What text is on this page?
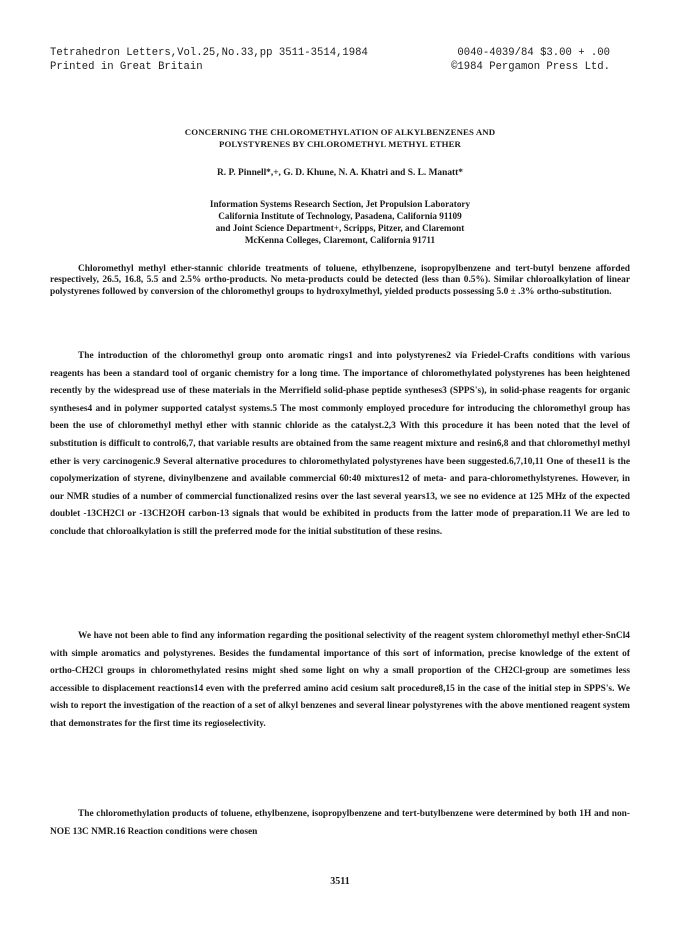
Tetrahedron Letters,Vol.25,No.33,pp 3511-3514,1984	0040-4039/84 $3.00 + .00
Printed in Great Britain	©1984 Pergamon Press Ltd.
CONCERNING THE CHLOROMETHYLATION OF ALKYLBENZENES AND
POLYSTYRENES BY CHLOROMETHYL METHYL ETHER
R. P. Pinnell*,+, G. D. Khune, N. A. Khatri and S. L. Manatt*
Information Systems Research Section, Jet Propulsion Laboratory
California Institute of Technology, Pasadena, California 91109
and Joint Science Department+, Scripps, Pitzer, and Claremont
McKenna Colleges, Claremont, California 91711

Chloromethyl methyl ether-stannic chloride treatments of toluene, ethylbenzene, isopropylbenzene and tert-butyl benzene afforded respectively, 26.5, 16.8, 5.5 and 2.5% ortho-products. No meta-products could be detected (less than 0.5%). Similar chloroalkylation of linear polystyrenes followed by conversion of the chloromethyl groups to hydroxylmethyl, yielded products possessing 5.0 ± .3% ortho-substitution.

The introduction of the chloromethyl group onto aromatic rings1 and into polystyrenes2 via Friedel-Crafts conditions with various reagents has been a standard tool of organic chemistry for a long time. The importance of chloromethylated polystyrenes has been heightened recently by the widespread use of these materials in the Merrifield solid-phase peptide syntheses3 (SPPS's), in solid-phase reagents for organic syntheses4 and in polymer supported catalyst systems.5 The most commonly employed procedure for introducing the chloromethyl group has been the use of chloromethyl methyl ether with stannic chloride as the catalyst.2,3 With this procedure it has been noted that the level of substitution is difficult to control6,7, that variable results are obtained from the same reagent mixture and resin6,8 and that chloromethyl methyl ether is very carcinogenic.9 Several alternative procedures to chloromethylated polystyrenes have been suggested.6,7,10,11 One of these11 is the copolymerization of styrene, divinylbenzene and available commercial 60:40 mixtures12 of meta- and para-chloromethylstyrenes. However, in our NMR studies of a number of commercial functionalized resins over the last several years13, we see no evidence at 125 MHz of the expected doublet -13CH2Cl or -13CH2OH carbon-13 signals that would be exhibited in products from the latter mode of preparation.11 We are led to conclude that chloroalkylation is still the preferred mode for the initial substitution of these resins.

We have not been able to find any information regarding the positional selectivity of the reagent system chloromethyl methyl ether-SnCl4 with simple aromatics and polystyrenes. Besides the fundamental importance of this sort of information, precise knowledge of the extent of ortho-CH2Cl groups in chloromethylated resins might shed some light on why a small proportion of the CH2Cl-group are sometimes less accessible to displacement reactions14 even with the preferred amino acid cesium salt procedure8,15 in the case of the initial step in SPPS's. We wish to report the investigation of the reaction of a set of alkyl benzenes and several linear polystyrenes with the above mentioned reagent system that demonstrates for the first time its regioselectivity.

The chloromethylation products of toluene, ethylbenzene, isopropylbenzene and tert-butylbenzene were determined by both 1H and non-NOE 13C NMR.16 Reaction conditions were chosen

3511
